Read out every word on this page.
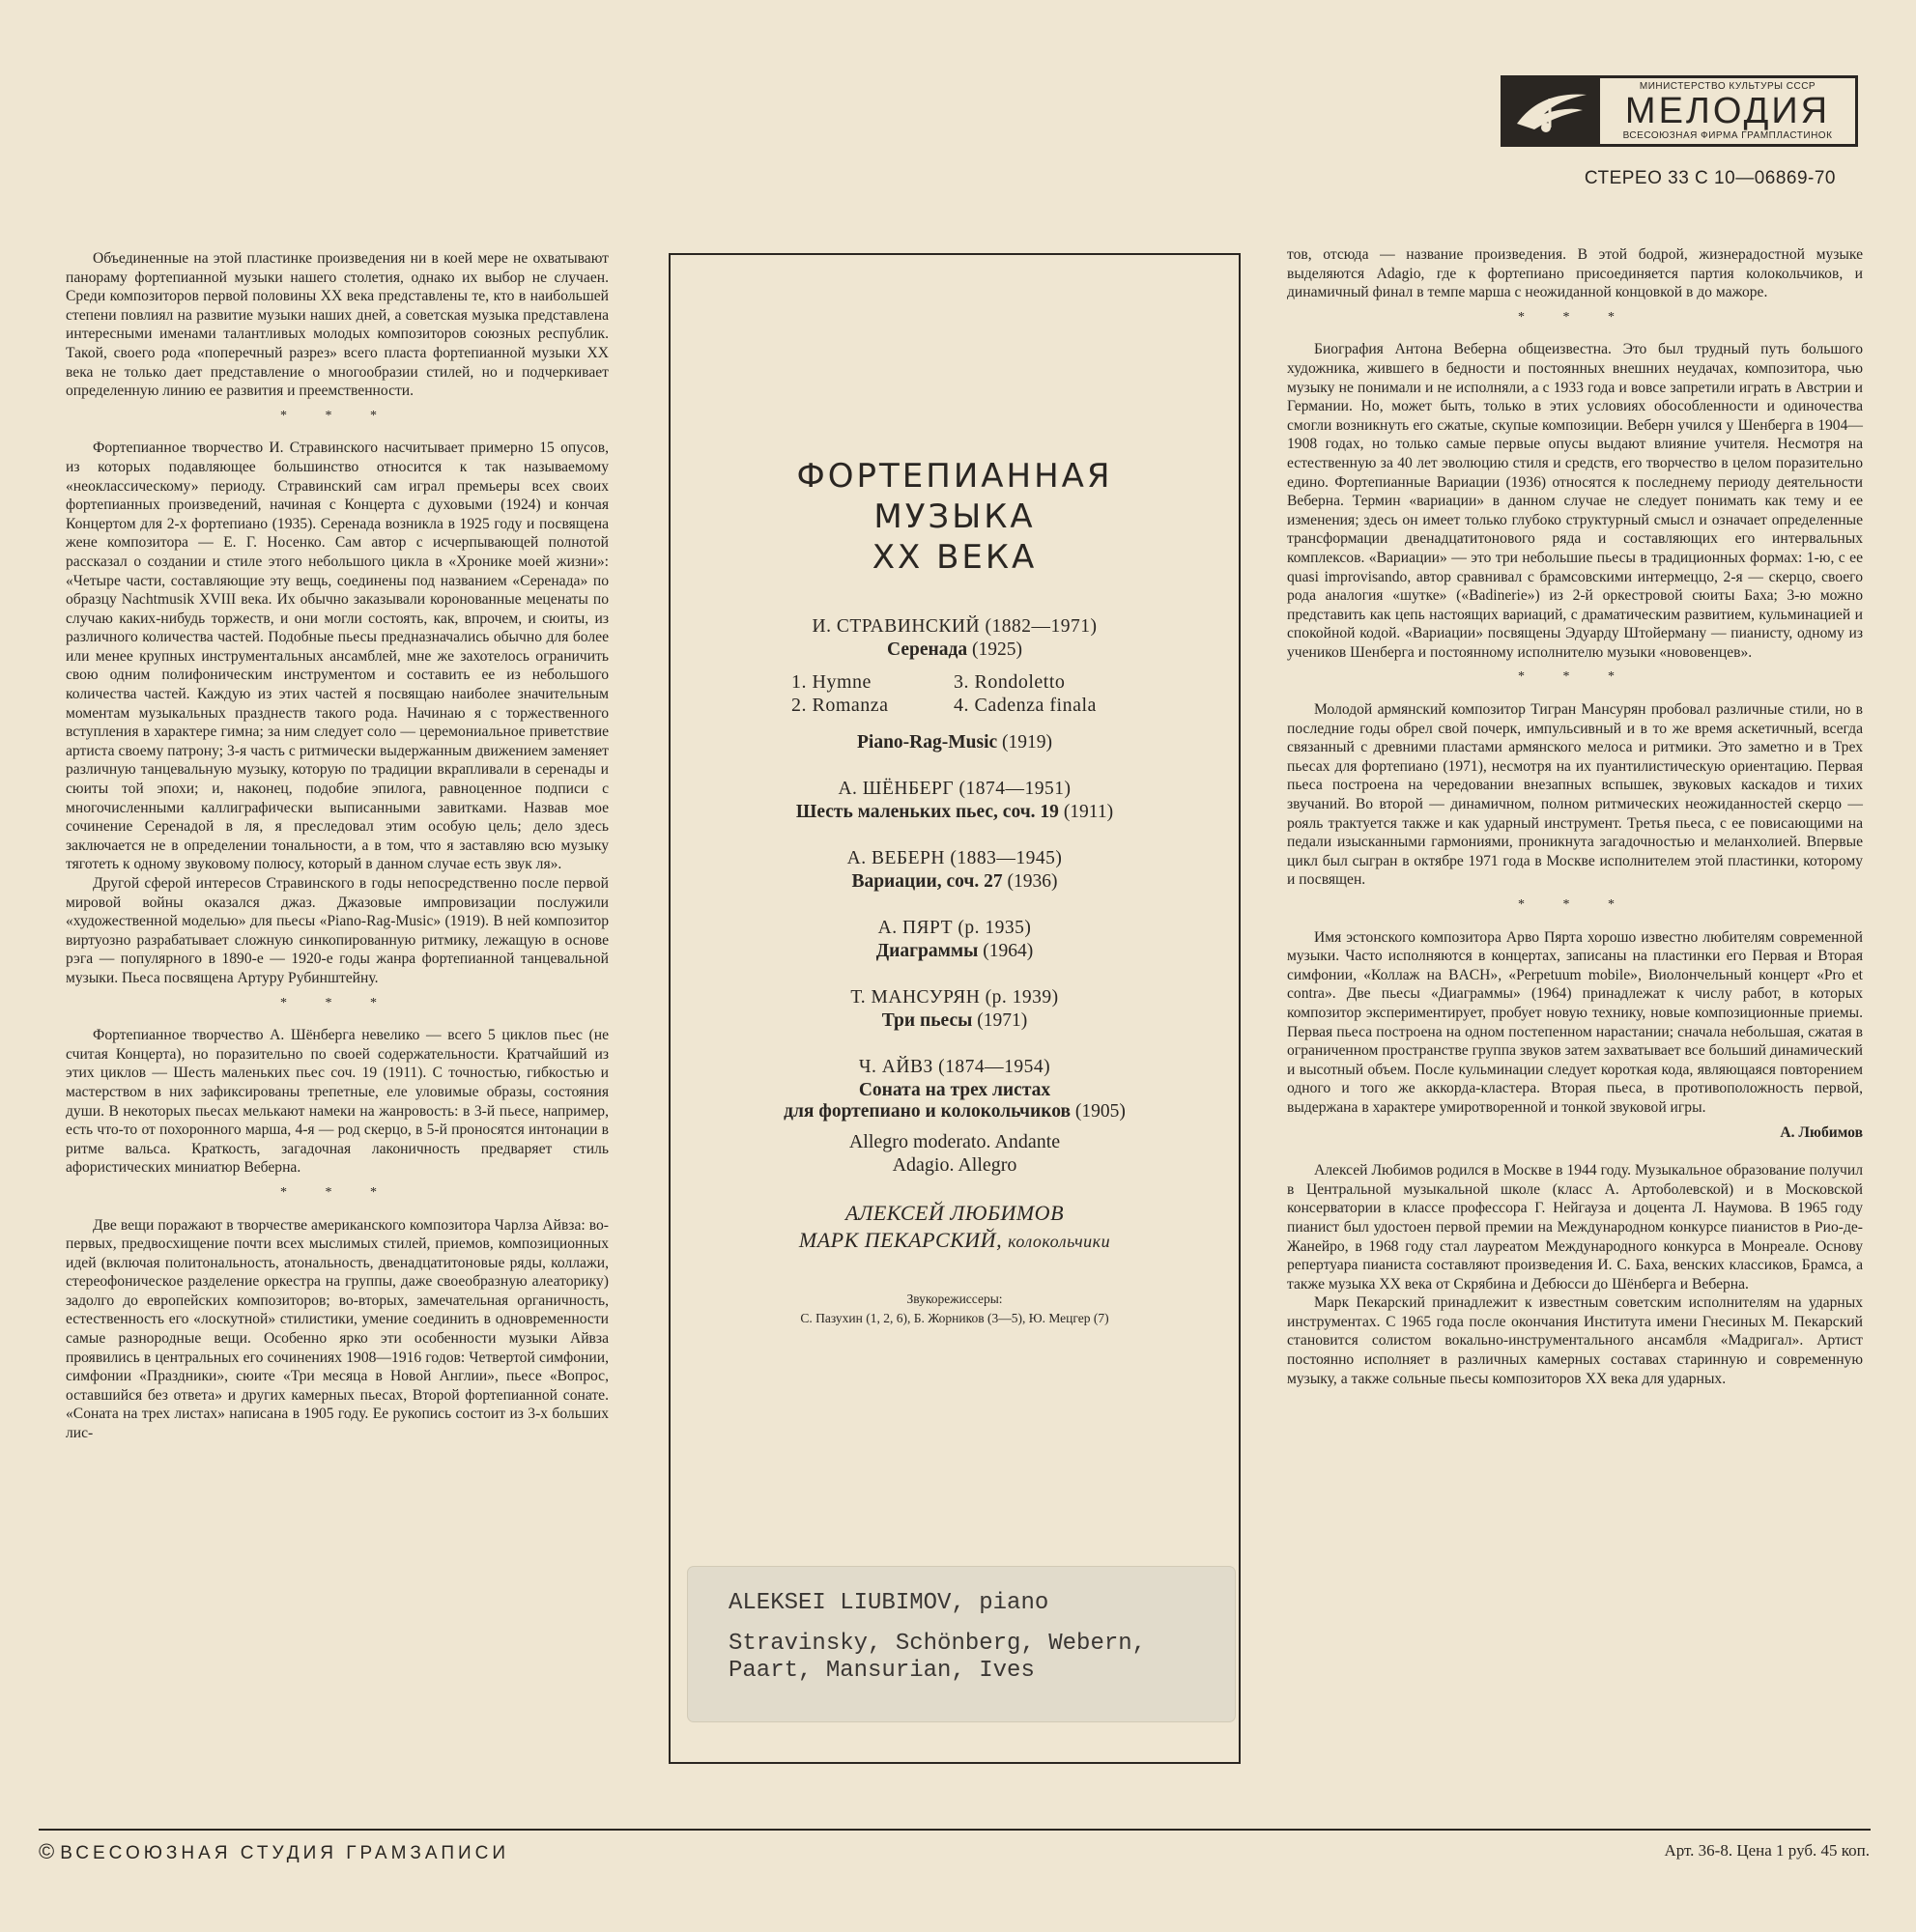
МИНИСТЕРСТВО КУЛЬТУРЫ СССР
МЕЛОДИЯ
ВСЕСОЮЗНАЯ ФИРМА ГРАМПЛАСТИНОК
СТЕРЕО 33 С 10—06869-70

Объединенные на этой пластинке произведения ни в коей мере не охватывают панораму фортепианной музыки нашего столетия, однако их выбор не случаен. Среди композиторов первой половины XX века представлены те, кто в наибольшей степени повлиял на развитие музыки наших дней, а советская музыка представлена интересными именами талантливых молодых композиторов союзных республик. Такой, своего рода «поперечный разрез» всего пласта фортепианной музыки XX века не только дает представление о многообразии стилей, но и подчеркивает определенную линию ее развития и преемственности.

* * *

Фортепианное творчество И. Стравинского насчитывает примерно 15 опусов, из которых подавляющее большинство относится к так называемому «неоклассическому» периоду. Стравинский сам играл премьеры всех своих фортепианных произведений, начиная с Концерта с духовыми (1924) и кончая Концертом для 2-х фортепиано (1935). Серенада возникла в 1925 году и посвящена жене композитора — Е. Г. Носенко. Сам автор с исчерпывающей полнотой рассказал о создании и стиле этого небольшого цикла в «Хронике моей жизни»: «Четыре части, составляющие эту вещь, соединены под названием «Серенада» по образцу Nachtmusik XVIII века. Их обычно заказывали коронованные меценаты по случаю каких-нибудь торжеств, и они могли состоять, как, впрочем, и сюиты, из различного количества частей. Подобные пьесы предназначались обычно для более или менее крупных инструментальных ансамблей, мне же захотелось ограничить свою одним полифоническим инструментом и составить ее из небольшого количества частей. Каждую из этих частей я посвящаю наиболее значительным моментам музыкальных празднеств такого рода. Начинаю я с торжественного вступления в характере гимна; за ним следует соло — церемониальное приветствие артиста своему патрону; 3-я часть с ритмически выдержанным движением заменяет различную танцевальную музыку, которую по традиции вкрапливали в серенады и сюиты той эпохи; и, наконец, подобие эпилога, равноценное подписи с многочисленными каллиграфически выписанными завитками. Назвав мое сочинение Серенадой в ля, я преследовал этим особую цель; дело здесь заключается не в определении тональности, а в том, что я заставляю всю музыку тяготеть к одному звуковому полюсу, который в данном случае есть звук ля».

Другой сферой интересов Стравинского в годы непосредственно после первой мировой войны оказался джаз. Джазовые импровизации послужили «художественной моделью» для пьесы «Piano-Rag-Music» (1919). В ней композитор виртуозно разрабатывает сложную синкопированную ритмику, лежащую в основе рэга — популярного в 1890-е — 1920-е годы жанра фортепианной танцевальной музыки. Пьеса посвящена Артуру Рубинштейну.

* * *

Фортепианное творчество А. Шёнберга невелико — всего 5 циклов пьес (не считая Концерта), но поразительно по своей содержательности. Кратчайший из этих циклов — Шесть маленьких пьес соч. 19 (1911). С точностью, гибкостью и мастерством в них зафиксированы трепетные, еле уловимые образы, состояния души. В некоторых пьесах мелькают намеки на жанровость: в 3-й пьесе, например, есть что-то от похоронного марша, 4-я — род скерцо, в 5-й проносятся интонации в ритме вальса. Краткость, загадочная лаконичность предваряет стиль афористических миниатюр Веберна.

* * *

Две вещи поражают в творчестве американского композитора Чарлза Айвза: во-первых, предвосхищение почти всех мыслимых стилей, приемов, композиционных идей (включая политональность, атональность, двенадцатитоновые ряды, коллажи, стереофоническое разделение оркестра на группы, даже своеобразную алеаторику) задолго до европейских композиторов; во-вторых, замечательная органичность, естественность его «лоскутной» стилистики, умение соединить в одновременности самые разнородные вещи. Особенно ярко эти особенности музыки Айвза проявились в центральных его сочинениях 1908—1916 годов: Четвертой симфонии, симфонии «Праздники», сюите «Три месяца в Новой Англии», пьесе «Вопрос, оставшийся без ответа» и других камерных пьесах, Второй фортепианной сонате. «Соната на трех листах» написана в 1905 году. Ее рукопись состоит из 3-х больших лис-

ФОРТЕПИАННАЯ
МУЗЫКА
XX ВЕКА
И. СТРАВИНСКИЙ (1882—1971)
Серенада (1925)
1. Hymne	3. Rondoletto
2. Romanza	4. Cadenza finala
Piano-Rag-Music (1919)
А. ШЁНБЕРГ (1874—1951)
Шесть маленьких пьес, соч. 19 (1911)
А. ВЕБЕРН (1883—1945)
Вариации, соч. 27 (1936)
А. ПЯРТ (р. 1935)
Диаграммы (1964)
Т. МАНСУРЯН (р. 1939)
Три пьесы (1971)
Ч. АЙВЗ (1874—1954)
Соната на трех листах
для фортепиано и колокольчиков (1905)
Allegro moderato. Andante
Adagio. Allegro
АЛЕКСЕЙ ЛЮБИМОВ
МАРК ПЕКАРСКИЙ, колокольчики
Звукорежиссеры:
С. Пазухин (1, 2, 6), Б. Жорников (3—5), Ю. Мецгер (7)
ALEKSEI LIUBIMOV, piano
Stravinsky, Schönberg, Webern,
Paart, Mansurian, Ives

тов, отсюда — название произведения. В этой бодрой, жизнерадостной музыке выделяются Adagio, где к фортепиано присоединяется партия колокольчиков, и динамичный финал в темпе марша с неожиданной концовкой в до мажоре.

* * *

Биография Антона Веберна общеизвестна. Это был трудный путь большого художника, жившего в бедности и постоянных внешних неудачах, композитора, чью музыку не понимали и не исполняли, а с 1933 года и вовсе запретили играть в Австрии и Германии. Но, может быть, только в этих условиях обособленности и одиночества смогли возникнуть его сжатые, скупые композиции. Веберн учился у Шенберга в 1904—1908 годах, но только самые первые опусы выдают влияние учителя. Несмотря на естественную за 40 лет эволюцию стиля и средств, его творчество в целом поразительно едино. Фортепианные Вариации (1936) относятся к последнему периоду деятельности Веберна. Термин «вариации» в данном случае не следует понимать как тему и ее изменения; здесь он имеет только глубоко структурный смысл и означает определенные трансформации двенадцатитонового ряда и составляющих его интервальных комплексов. «Вариации» — это три небольшие пьесы в традиционных формах: 1-ю, с ее quasi improvisando, автор сравнивал с брамсовскими интермеццо, 2-я — скерцо, своего рода аналогия «шутке» («Badinerie») из 2-й оркестровой сюиты Баха; 3-ю можно представить как цепь настоящих вариаций, с драматическим развитием, кульминацией и спокойной кодой. «Вариации» посвящены Эдуарду Штойерману — пианисту, одному из учеников Шенберга и постоянному исполнителю музыки «нововенцев».

* * *

Молодой армянский композитор Тигран Мансурян пробовал различные стили, но в последние годы обрел свой почерк, импульсивный и в то же время аскетичный, всегда связанный с древними пластами армянского мелоса и ритмики. Это заметно и в Трех пьесах для фортепиано (1971), несмотря на их пуантилистическую ориентацию. Первая пьеса построена на чередовании внезапных вспышек, звуковых каскадов и тихих звучаний. Во второй — динамичном, полном ритмических неожиданностей скерцо — рояль трактуется также и как ударный инструмент. Третья пьеса, с ее повисающими на педали изысканными гармониями, проникнута загадочностью и меланхолией. Впервые цикл был сыгран в октябре 1971 года в Москве исполнителем этой пластинки, которому и посвящен.

* * *

Имя эстонского композитора Арво Пярта хорошо известно любителям современной музыки. Часто исполняются в концертах, записаны на пластинки его Первая и Вторая симфонии, «Коллаж на BACH», «Perpetuum mobile», Виолончельный концерт «Pro et contra». Две пьесы «Диаграммы» (1964) принадлежат к числу работ, в которых композитор экспериментирует, пробует новую технику, новые композиционные приемы. Первая пьеса построена на одном постепенном нарастании; сначала небольшая, сжатая в ограниченном пространстве группа звуков затем захватывает все больший динамический и высотный объем. После кульминации следует короткая кода, являющаяся повторением одного и того же аккорда-кластера. Вторая пьеса, в противоположность первой, выдержана в характере умиротворенной и тонкой звуковой игры.

А. Любимов

Алексей Любимов родился в Москве в 1944 году. Музыкальное образование получил в Центральной музыкальной школе (класс А. Артоболевской) и в Московской консерватории в классе профессора Г. Нейгауза и доцента Л. Наумова. В 1965 году пианист был удостоен первой премии на Международном конкурсе пианистов в Рио-де-Жанейро, в 1968 году стал лауреатом Международного конкурса в Монреале. Основу репертуара пианиста составляют произведения И. С. Баха, венских классиков, Брамса, а также музыка XX века от Скрябина и Дебюсси до Шёнберга и Веберна.

Марк Пекарский принадлежит к известным советским исполнителям на ударных инструментах. С 1965 года после окончания Института имени Гнесиных М. Пекарский становится солистом вокально-инструментального ансамбля «Мадригал». Артист постоянно исполняет в различных камерных составах старинную и современную музыку, а также сольные пьесы композиторов XX века для ударных.

© ВСЕСОЮЗНАЯ СТУДИЯ ГРАМЗАПИСИ	Арт. 36-8. Цена 1 руб. 45 коп.
